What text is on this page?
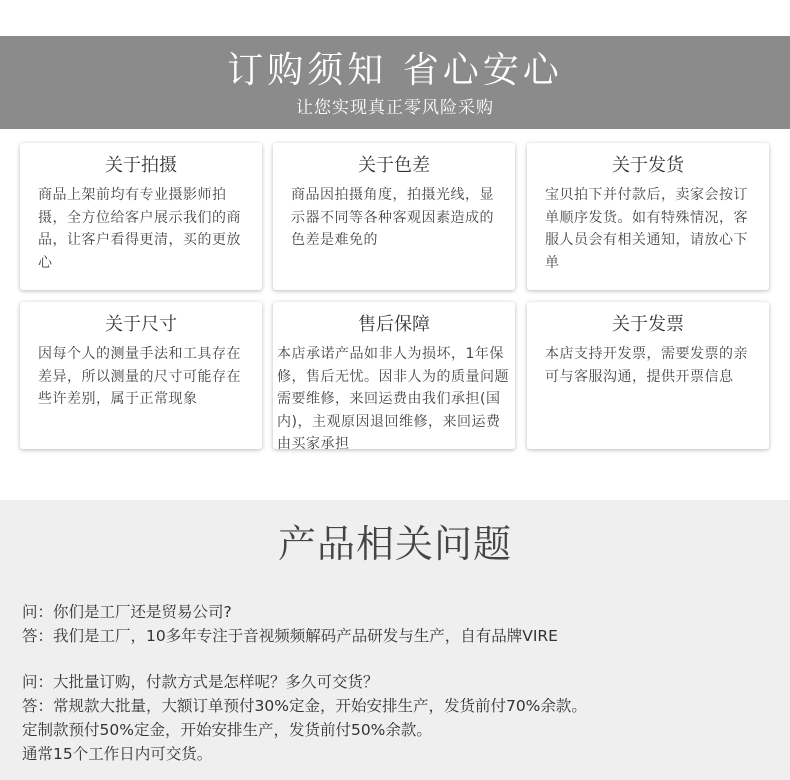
订购须知 省心安心
让您实现真正零风险采购
关于拍摄
商品上架前均有专业摄影师拍摄，全方位给客户展示我们的商品，让客户看得更清，买的更放心
关于色差
商品因拍摄角度，拍摄光线，显示器不同等各种客观因素造成的色差是难免的
关于发货
宝贝拍下并付款后，卖家会按订单顺序发货。如有特殊情况，客服人员会有相关通知，请放心下单
关于尺寸
因每个人的测量手法和工具存在差异，所以测量的尺寸可能存在些许差别，属于正常现象
售后保障
本店承诺产品如非人为损坏，1年保修，售后无忧。因非人为的质量问题需要维修，来回运费由我们承担(国内)，主观原因退回维修，来回运费由买家承担
关于发票
本店支持开发票，需要发票的亲可与客服沟通，提供开票信息
产品相关问题
问：你们是工厂还是贸易公司?
答：我们是工厂，10多年专注于音视频频解码产品研发与生产，自有品牌VIRE
问：大批量订购，付款方式是怎样呢？多久可交货？
答：常规款大批量，大额订单预付30%定金，开始安排生产，发货前付70%余款。
定制款预付50%定金，开始安排生产，发货前付50%余款。
通常15个工作日内可交货。
